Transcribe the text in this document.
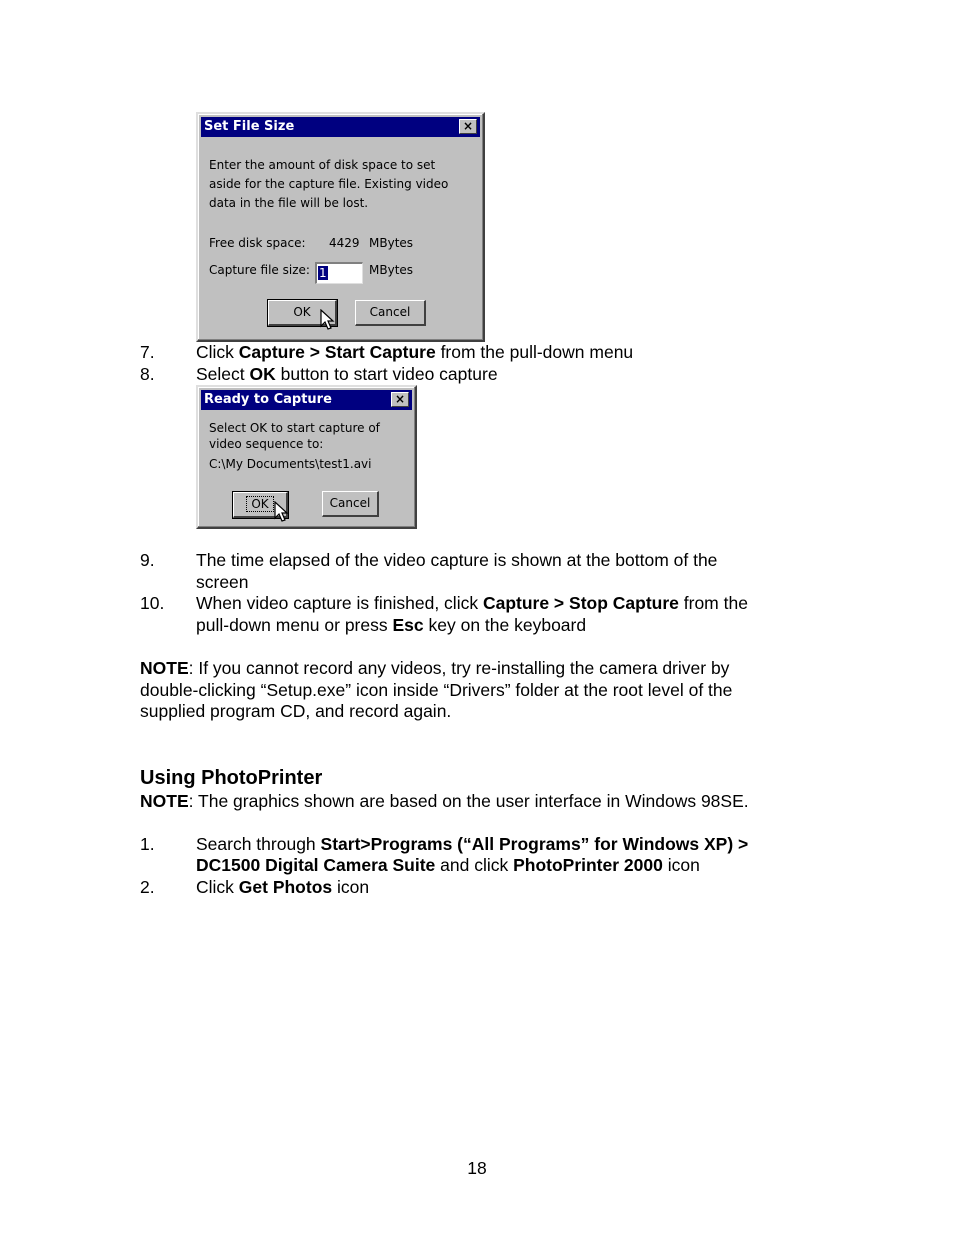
Set File Size	×
Enter the amount of disk space to set
aside for the capture file. Existing video
data in the file will be lost.
Free disk space: 4429 MBytes
Capture file size: 1	MBytes
OK	Cancel
7. Click Capture > Start Capture from the pull-down menu
8. Select OK button to start video capture
Ready to Capture	×
Select OK to start capture of
video sequence to:
C:\My Documents\test1.avi
OK	Cancel
9. The time elapsed of the video capture is shown at the bottom of the
screen
10. When video capture is finished, click Capture > Stop Capture from the
pull-down menu or press Esc key on the keyboard
NOTE: If you cannot record any videos, try re-installing the camera driver by
double-clicking “Setup.exe” icon inside “Drivers” folder at the root level of the
supplied program CD, and record again.
Using PhotoPrinter
NOTE: The graphics shown are based on the user interface in Windows 98SE.
1. Search through Start>Programs (“All Programs” for Windows XP) >
DC1500 Digital Camera Suite and click PhotoPrinter 2000 icon
2. Click Get Photos icon
18
